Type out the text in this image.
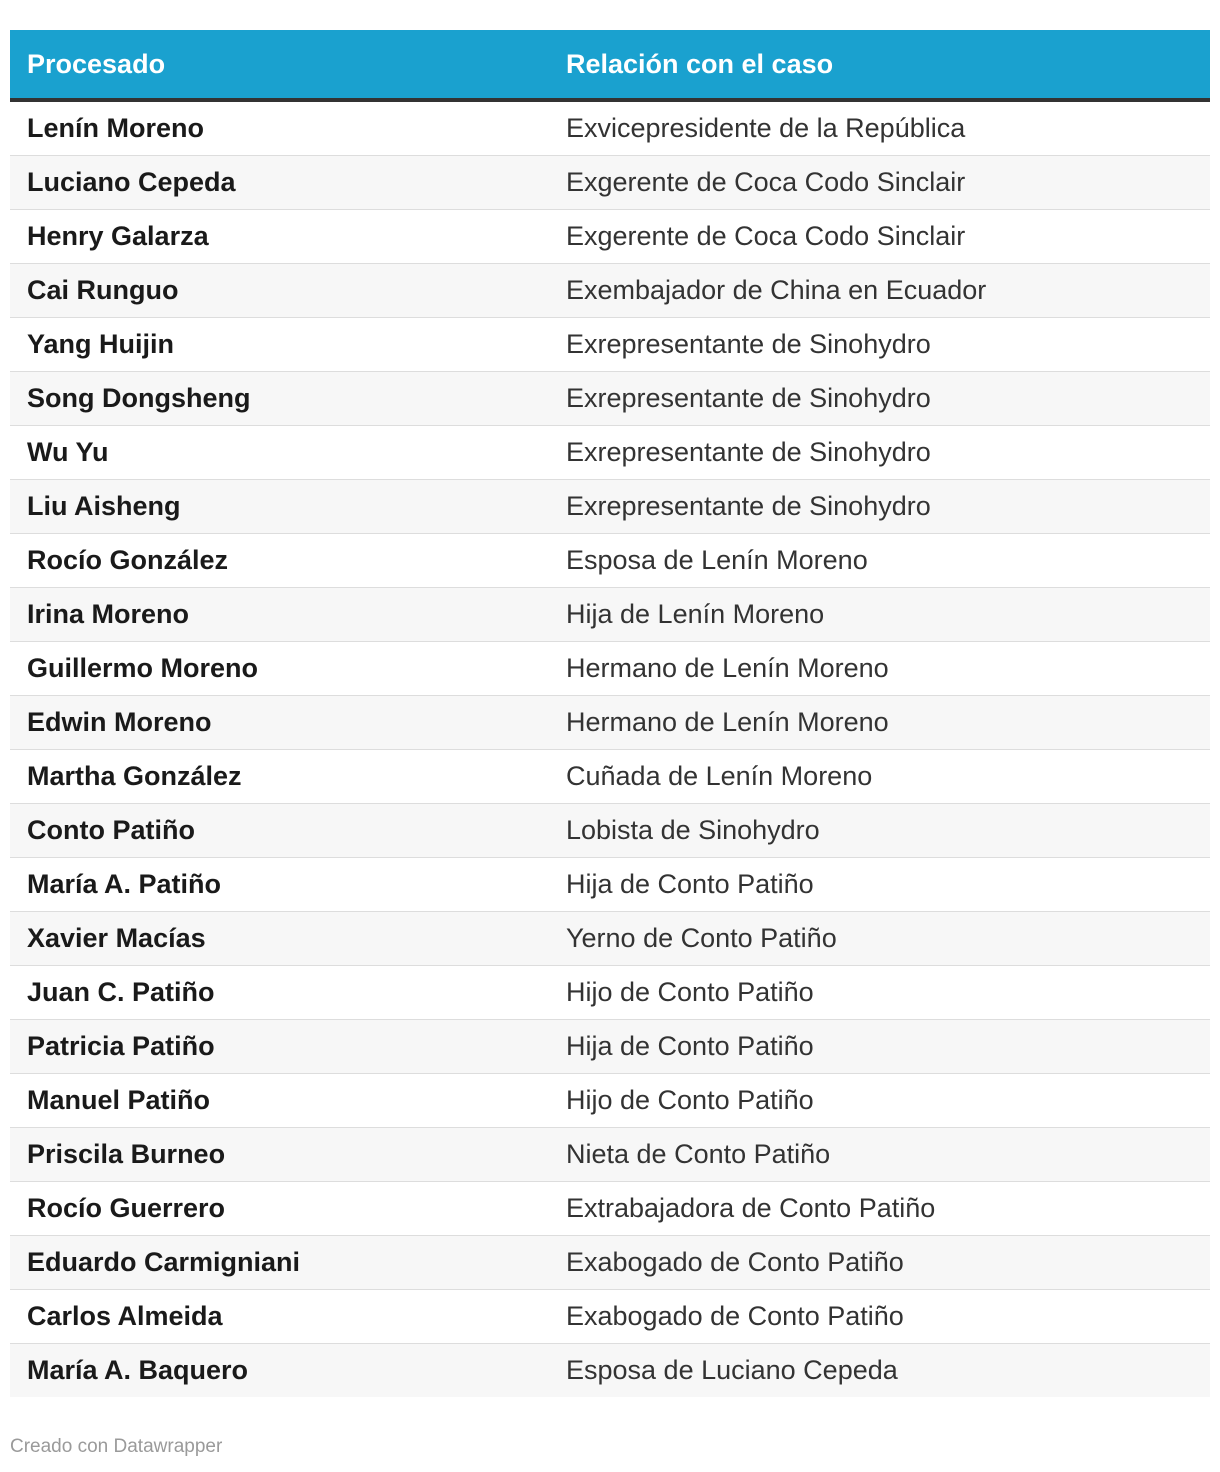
Procesado	Relación con el caso
Lenín Moreno	Exvicepresidente de la República
Luciano Cepeda	Exgerente de Coca Codo Sinclair
Henry Galarza	Exgerente de Coca Codo Sinclair
Cai Runguo	Exembajador de China en Ecuador
Yang Huijin	Exrepresentante de Sinohydro
Song Dongsheng	Exrepresentante de Sinohydro
Wu Yu	Exrepresentante de Sinohydro
Liu Aisheng	Exrepresentante de Sinohydro
Rocío González	Esposa de Lenín Moreno
Irina Moreno	Hija de Lenín Moreno
Guillermo Moreno	Hermano de Lenín Moreno
Edwin Moreno	Hermano de Lenín Moreno
Martha González	Cuñada de Lenín Moreno
Conto Patiño	Lobista de Sinohydro
María A. Patiño	Hija de Conto Patiño
Xavier Macías	Yerno de Conto Patiño
Juan C. Patiño	Hijo de Conto Patiño
Patricia Patiño	Hija de Conto Patiño
Manuel Patiño	Hijo de Conto Patiño
Priscila Burneo	Nieta de Conto Patiño
Rocío Guerrero	Extrabajadora de Conto Patiño
Eduardo Carmigniani	Exabogado de Conto Patiño
Carlos Almeida	Exabogado de Conto Patiño
María A. Baquero	Esposa de Luciano Cepeda
Creado con Datawrapper
